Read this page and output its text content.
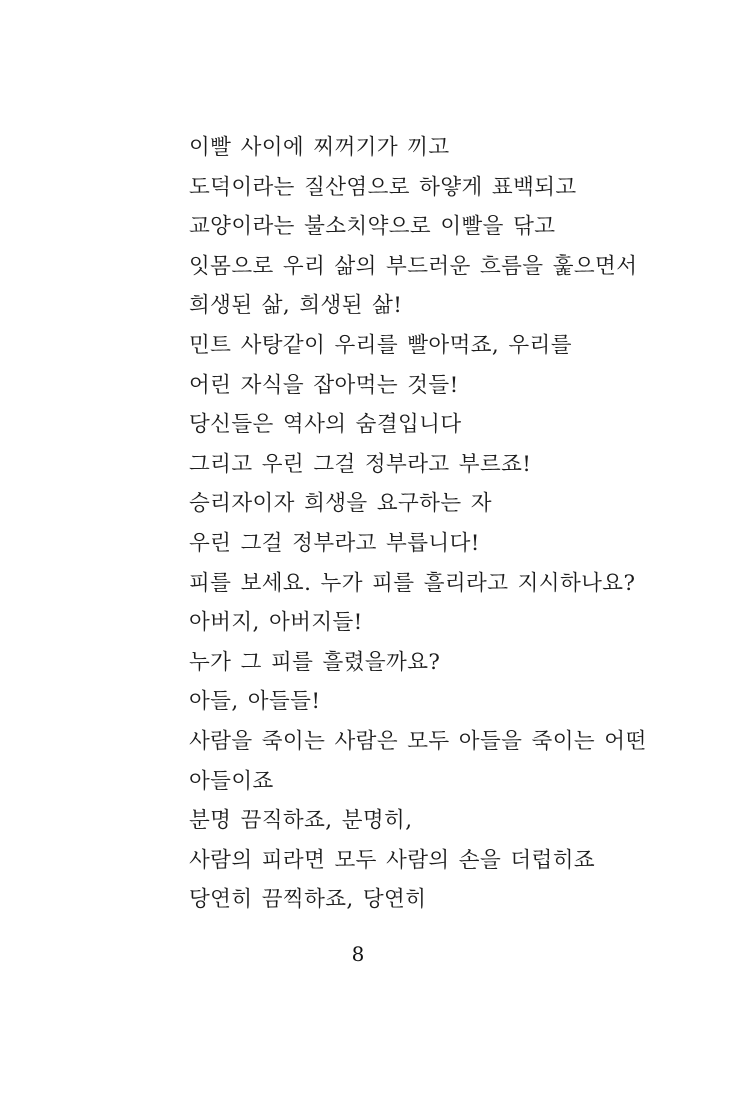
이빨 사이에 찌꺼기가 끼고
도덕이라는 질산염으로 하얗게 표백되고
교양이라는 불소치약으로 이빨을 닦고
잇몸으로 우리 삶의 부드러운 흐름을 훑으면서
희생된 삶, 희생된 삶!
민트 사탕같이 우리를 빨아먹죠, 우리를
어린 자식을 잡아먹는 것들!
당신들은 역사의 숨결입니다
그리고 우린 그걸 정부라고 부르죠!
승리자이자 희생을 요구하는 자
우린 그걸 정부라고 부릅니다!
피를 보세요. 누가 피를 흘리라고 지시하나요?
아버지, 아버지들!
누가 그 피를 흘렸을까요?
아들, 아들들!
사람을 죽이는 사람은 모두 아들을 죽이는 어떤
아들이죠
분명 끔직하죠, 분명히,
사람의 피라면 모두 사람의 손을 더럽히죠
당연히 끔찍하죠, 당연히
8
